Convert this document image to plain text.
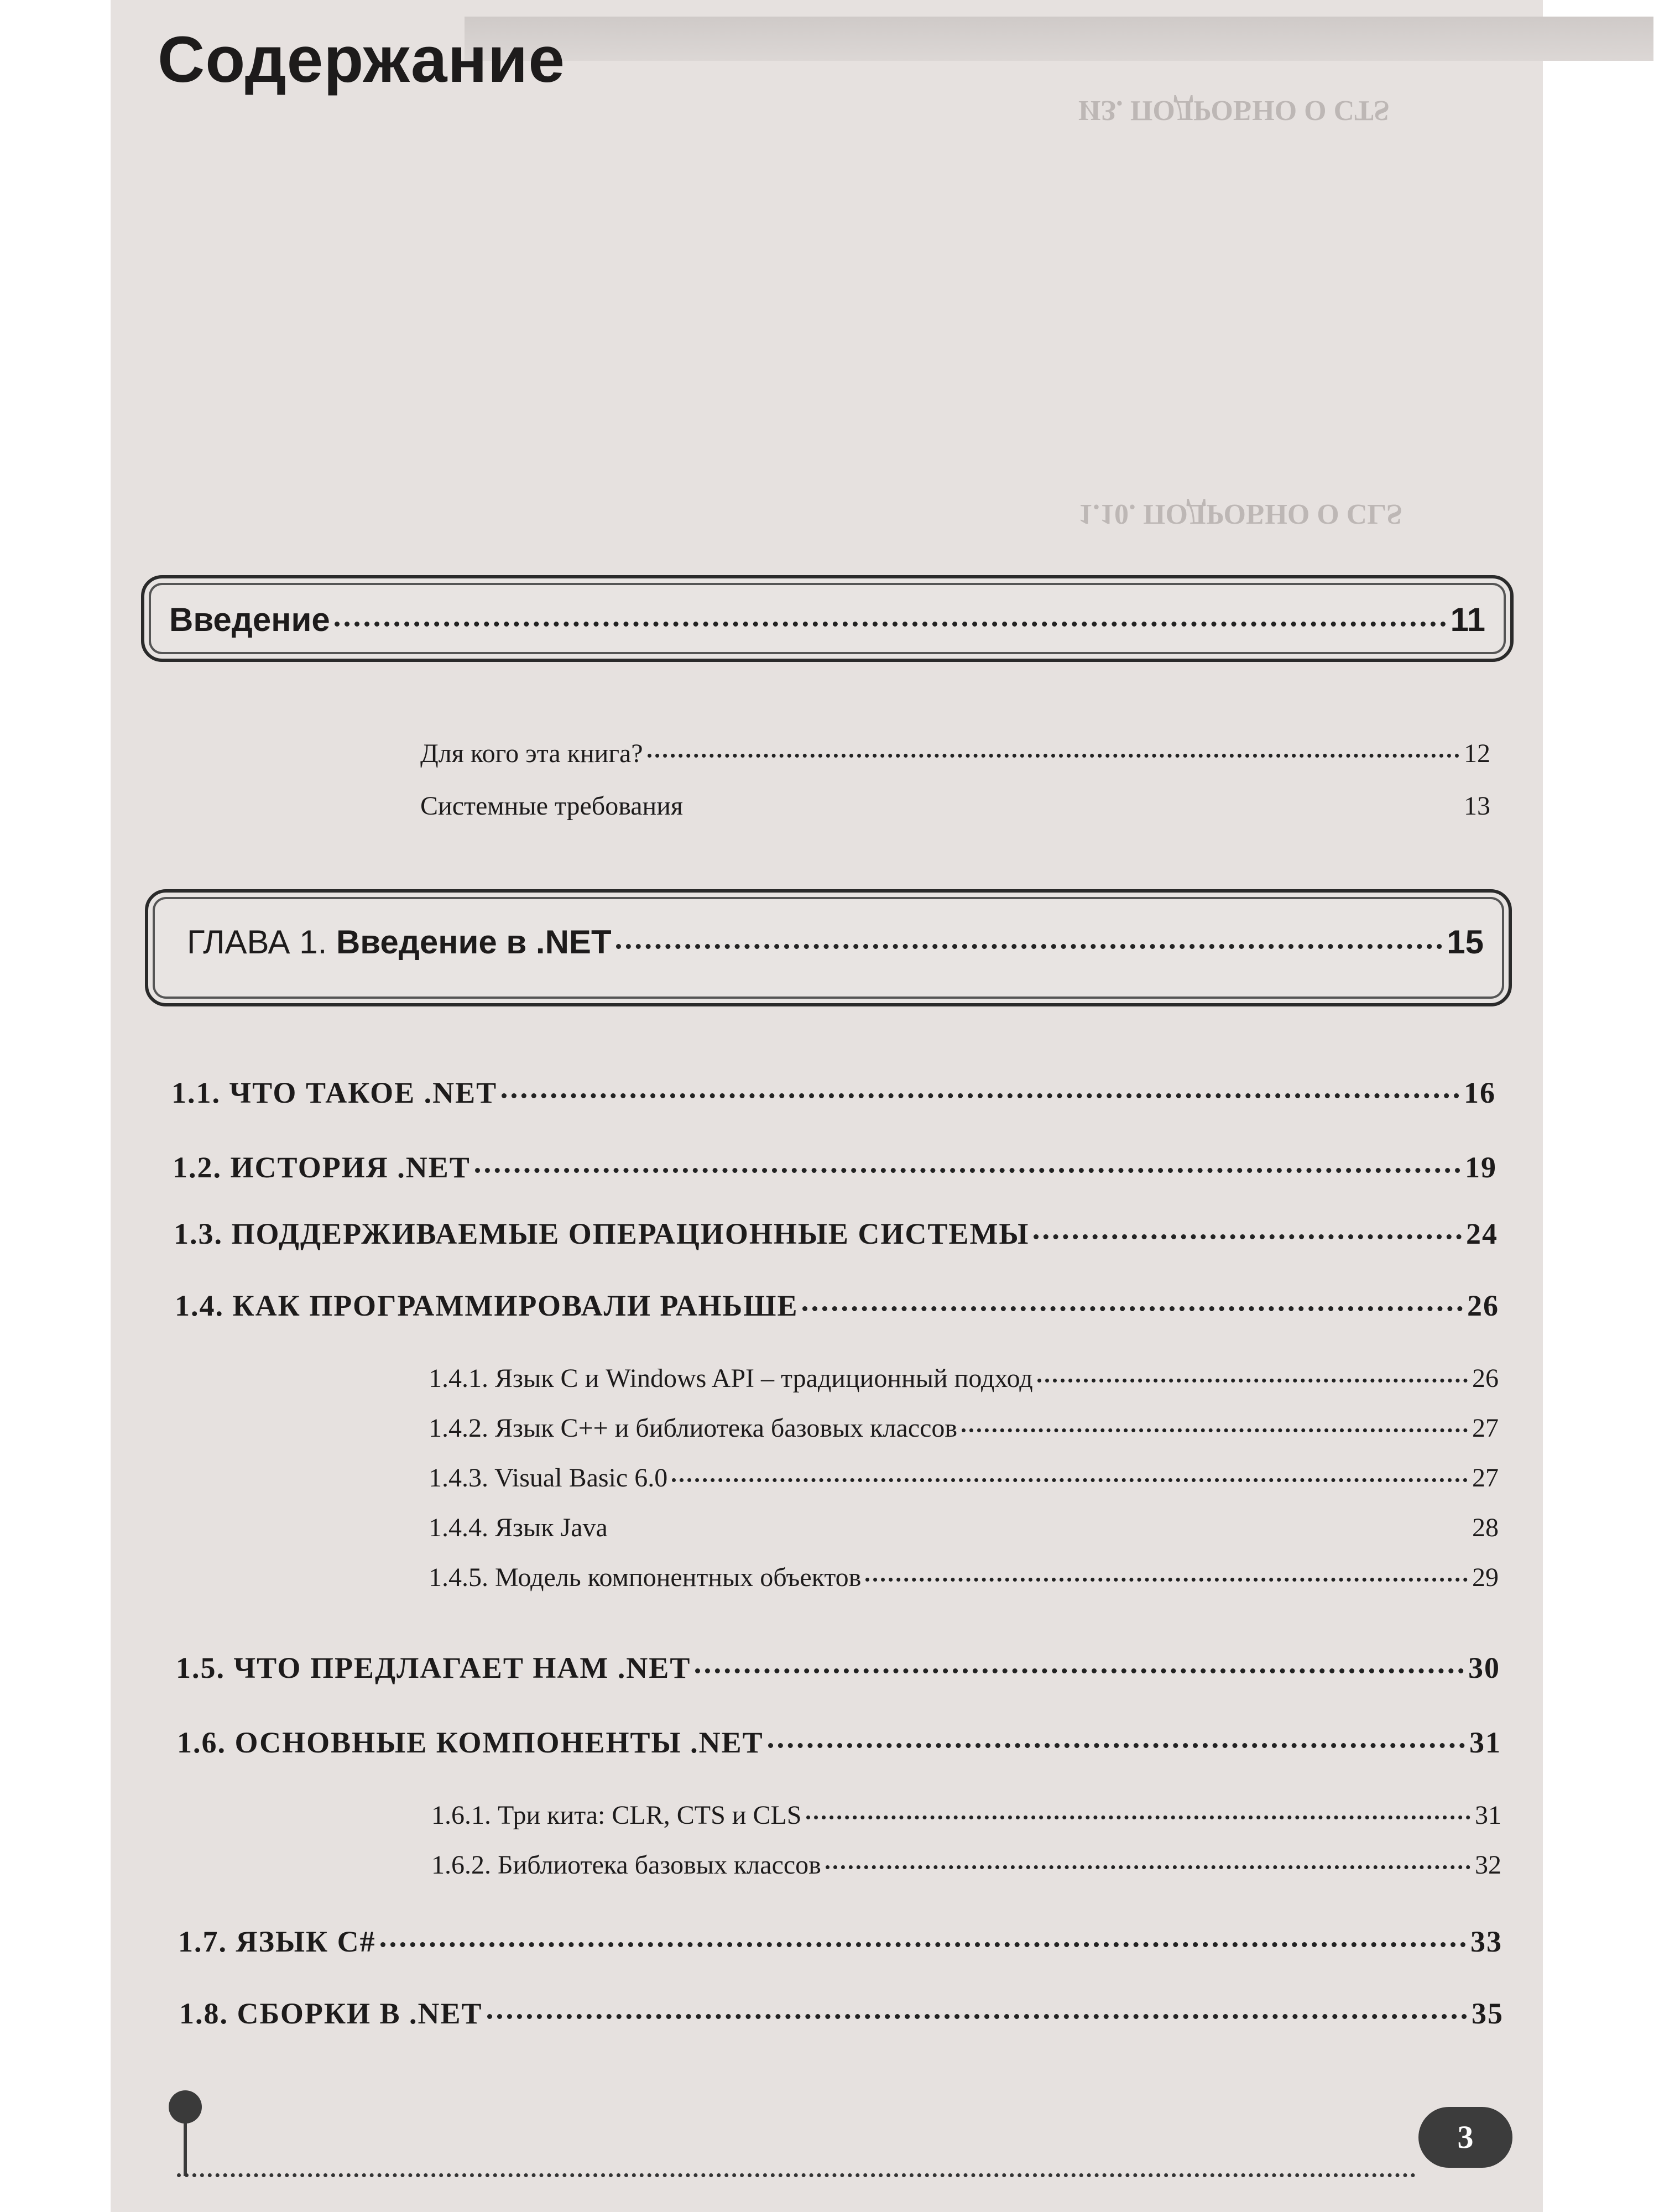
ИЗ. ПОДРОБНО О CTS
1.10. ПОДРОБНО О CLS
Содержание
Введение	11
Для кого эта книга?	12
Системные требования	13
ГЛАВА 1.
Введение в .NET	15
1.1. ЧТО ТАКОЕ .NET	16
1.2. ИСТОРИЯ .NET	19
1.3. ПОДДЕРЖИВАЕМЫЕ ОПЕРАЦИОННЫЕ СИСТЕМЫ	24
1.4. КАК ПРОГРАММИРОВАЛИ РАНЬШЕ	26
1.4.1. Язык C и Windows API – традиционный подход	26
1.4.2. Язык C++ и библиотека базовых классов	27
1.4.3. Visual Basic 6.0	27
1.4.4. Язык Java	28
1.4.5. Модель компонентных объектов	29
1.5. ЧТО ПРЕДЛАГАЕТ НАМ .NET	30
1.6. ОСНОВНЫЕ КОМПОНЕНТЫ .NET	31
1.6.1. Три кита: CLR, CTS и CLS	31
1.6.2. Библиотека базовых классов	32
1.7. ЯЗЫК C#	33
1.8. СБОРКИ В .NET	35
3
